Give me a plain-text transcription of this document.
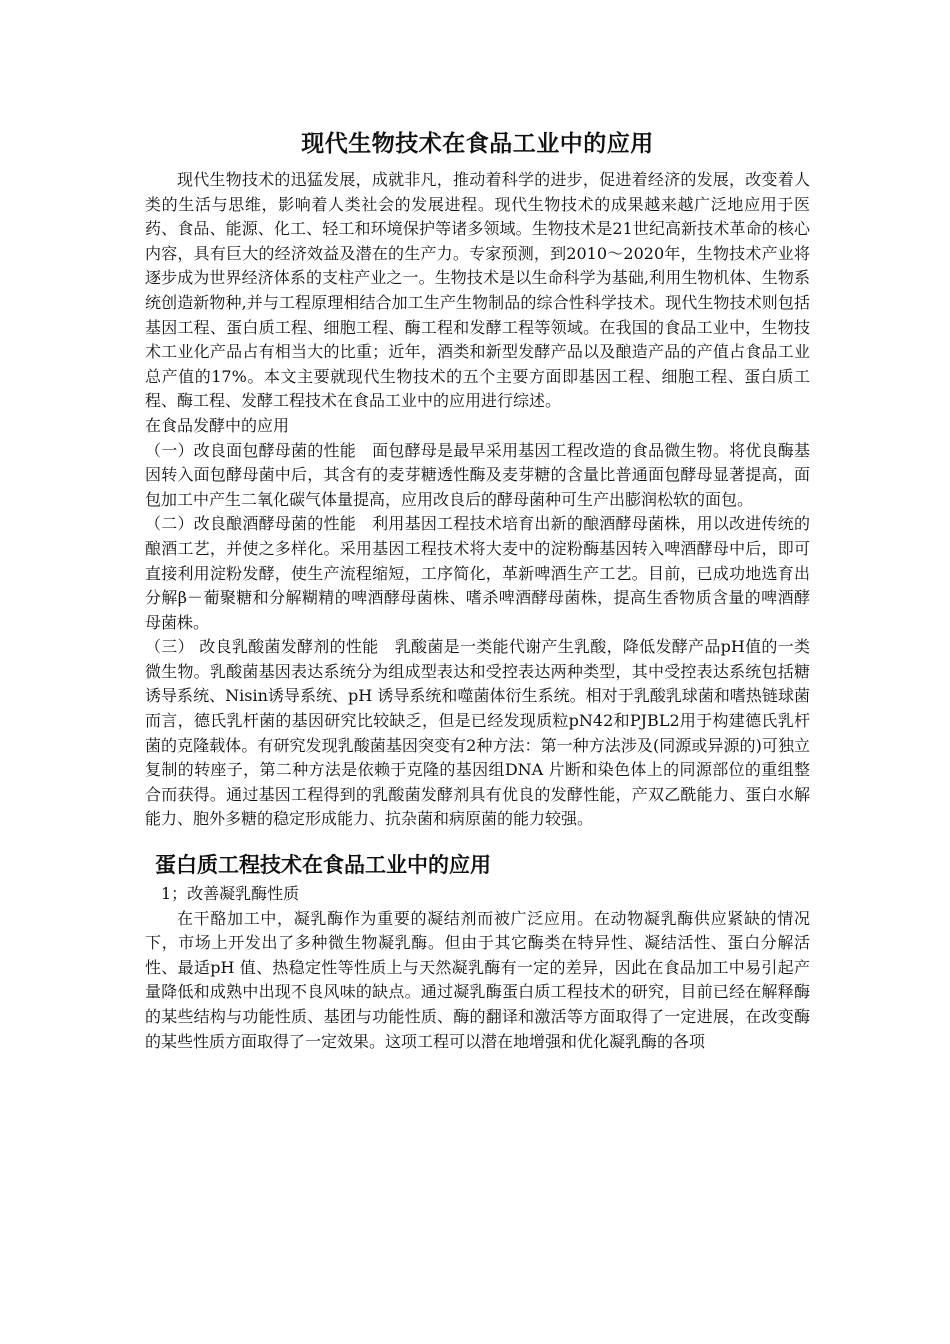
现代生物技术在食品工业中的应用

现代生物技术的迅猛发展，成就非凡，推动着科学的进步，促进着经济的发展，改变着人类的生活与思维，影响着人类社会的发展进程。现代生物技术的成果越来越广泛地应用于医药、食品、能源、化工、轻工和环境保护等诸多领域。生物技术是21世纪高新技术革命的核心内容，具有巨大的经济效益及潜在的生产力。专家预测，到2010～2020年，生物技术产业将逐步成为世界经济体系的支柱产业之一。生物技术是以生命科学为基础,利用生物机体、生物系统创造新物种,并与工程原理相结合加工生产生物制品的综合性科学技术。现代生物技术则包括基因工程、蛋白质工程、细胞工程、酶工程和发酵工程等领域。在我国的食品工业中，生物技术工业化产品占有相当大的比重；近年，酒类和新型发酵产品以及酿造产品的产值占食品工业总产值的17%。本文主要就现代生物技术的五个主要方面即基因工程、细胞工程、蛋白质工程、酶工程、发酵工程技术在食品工业中的应用进行综述。

在食品发酵中的应用

（一）改良面包酵母菌的性能　面包酵母是最早采用基因工程改造的食品微生物。将优良酶基因转入面包酵母菌中后，其含有的麦芽糖透性酶及麦芽糖的含量比普通面包酵母显著提高，面包加工中产生二氧化碳气体量提高，应用改良后的酵母菌种可生产出膨润松软的面包。

（二）改良酿酒酵母菌的性能　利用基因工程技术培育出新的酿酒酵母菌株，用以改进传统的酿酒工艺，并使之多样化。采用基因工程技术将大麦中的淀粉酶基因转入啤酒酵母中后，即可直接利用淀粉发酵，使生产流程缩短，工序简化，革新啤酒生产工艺。目前，已成功地选育出分解β－葡聚糖和分解糊精的啤酒酵母菌株、嗜杀啤酒酵母菌株，提高生香物质含量的啤酒酵母菌株。

（三） 改良乳酸菌发酵剂的性能　乳酸菌是一类能代谢产生乳酸，降低发酵产品pH值的一类微生物。乳酸菌基因表达系统分为组成型表达和受控表达两种类型，其中受控表达系统包括糖诱导系统、Nisin诱导系统、pH 诱导系统和噬菌体衍生系统。相对于乳酸乳球菌和嗜热链球菌而言，德氏乳杆菌的基因研究比较缺乏，但是已经发现质粒pN42和PJBL2用于构建德氏乳杆菌的克隆载体。有研究发现乳酸菌基因突变有2种方法：第一种方法涉及(同源或异源的)可独立复制的转座子，第二种方法是依赖于克隆的基因组DNA 片断和染色体上的同源部位的重组整合而获得。通过基因工程得到的乳酸菌发酵剂具有优良的发酵性能，产双乙酰能力、蛋白水解能力、胞外多糖的稳定形成能力、抗杂菌和病原菌的能力较强。

蛋白质工程技术在食品工业中的应用

1；改善凝乳酶性质

在干酪加工中，凝乳酶作为重要的凝结剂而被广泛应用。在动物凝乳酶供应紧缺的情况下，市场上开发出了多种微生物凝乳酶。但由于其它酶类在特异性、凝结活性、蛋白分解活性、最适pH 值、热稳定性等性质上与天然凝乳酶有一定的差异，因此在食品加工中易引起产量降低和成熟中出现不良风味的缺点。通过凝乳酶蛋白质工程技术的研究，目前已经在解释酶的某些结构与功能性质、基团与功能性质、酶的翻译和激活等方面取得了一定进展，在改变酶的某些性质方面取得了一定效果。这项工程可以潜在地增强和优化凝乳酶的各项
